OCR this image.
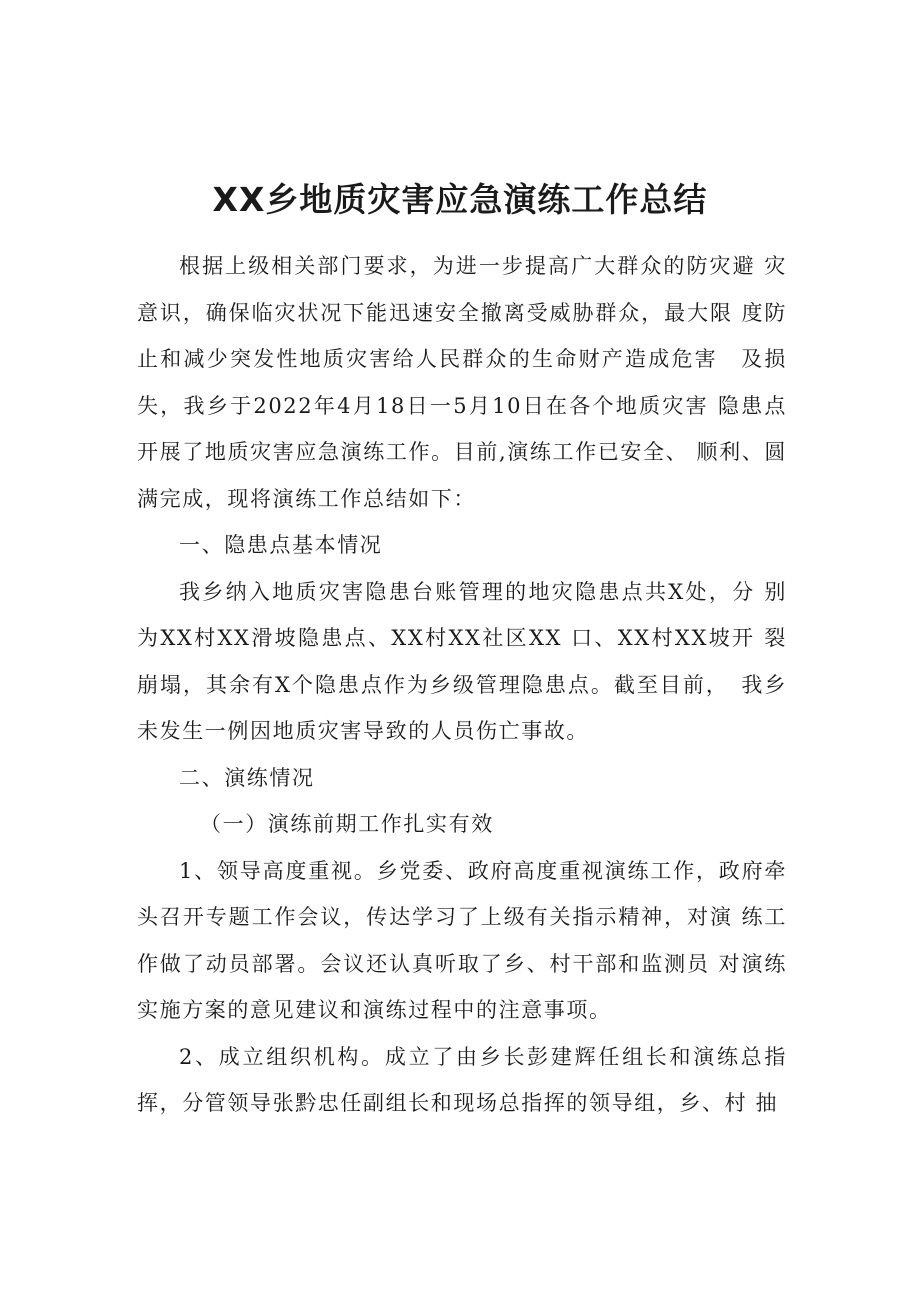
XX乡地质灾害应急演练工作总结

根据上级相关部门要求，为进一步提高广大群众的防灾避 灾意识，确保临灾状况下能迅速安全撤离受威胁群众，最大限 度防止和减少突发性地质灾害给人民群众的生命财产造成危害　及损失，我乡于2022年4月18日一5月10日在各个地质灾害 隐患点开展了地质灾害应急演练工作。目前,演练工作已安全、 顺利、圆满完成，现将演练工作总结如下：

一、隐患点基本情况

我乡纳入地质灾害隐患台账管理的地灾隐患点共X处，分 别为XX村XX滑坡隐患点、XX村XX社区XX 口、XX村XX坡开 裂崩塌，其余有X个隐患点作为乡级管理隐患点。截至目前，　我乡未发生一例因地质灾害导致的人员伤亡事故。

二、演练情况

（一）演练前期工作扎实有效

1、领导高度重视。乡党委、政府高度重视演练工作，政府牵头召开专题工作会议，传达学习了上级有关指示精神，对演 练工作做了动员部署。会议还认真听取了乡、村干部和监测员 对演练实施方案的意见建议和演练过程中的注意事项。

2、成立组织机构。成立了由乡长彭建辉任组长和演练总指挥，分管领导张黔忠任副组长和现场总指挥的领导组，乡、村 抽
